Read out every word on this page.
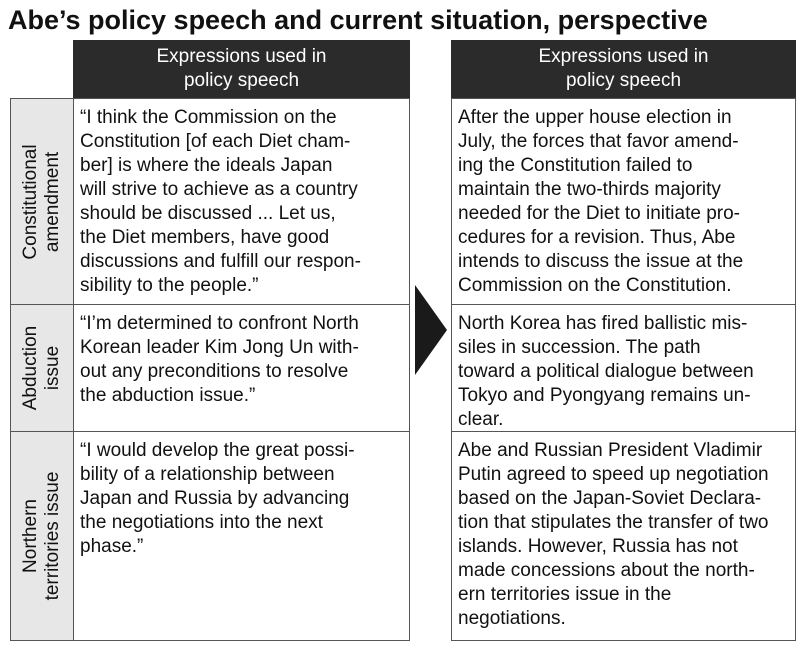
Abe’s policy speech and current situation, perspective
Expressions used in
policy speech
Expressions used in
policy speech
Constitutional amendment
“I think the Commission on the
Constitution [of each Diet cham-
ber] is where the ideals Japan
will strive to achieve as a country
should be discussed ... Let us,
the Diet members, have good
discussions and fulfill our respon-
sibility to the people.”
After the upper house election in
July, the forces that favor amend-
ing the Constitution failed to
maintain the two-thirds majority
needed for the Diet to initiate pro-
cedures for a revision. Thus, Abe
intends to discuss the issue at the
Commission on the Constitution.
Abduction issue
“I’m determined to confront North
Korean leader Kim Jong Un with-
out any preconditions to resolve
the abduction issue.”
North Korea has fired ballistic mis-
siles in succession. The path
toward a political dialogue between
Tokyo and Pyongyang remains un-
clear.
Northern territories issue
“I would develop the great possi-
bility of a relationship between
Japan and Russia by advancing
the negotiations into the next
phase.”
Abe and Russian President Vladimir
Putin agreed to speed up negotiation
based on the Japan-Soviet Declara-
tion that stipulates the transfer of two
islands. However, Russia has not
made concessions about the north-
ern territories issue in the
negotiations.
